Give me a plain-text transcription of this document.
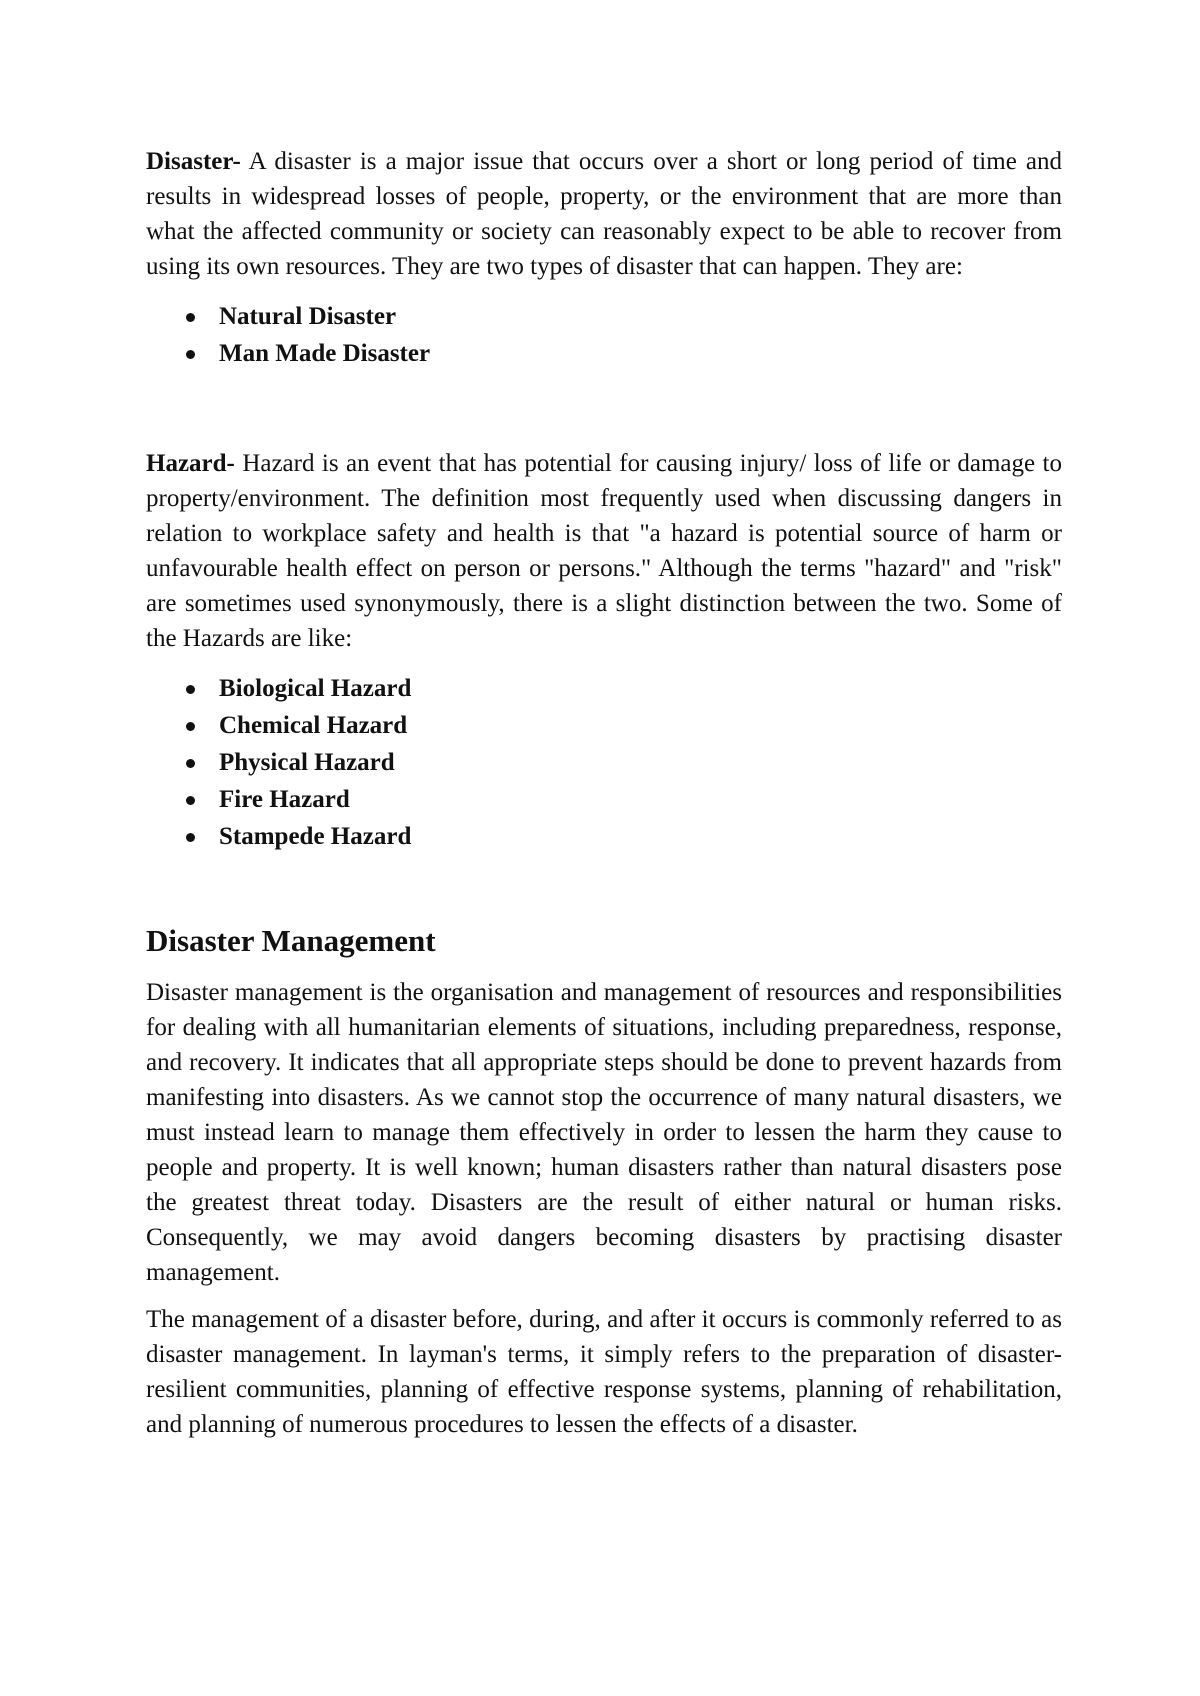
Disaster- A disaster is a major issue that occurs over a short or long period of time and results in widespread losses of people, property, or the environment that are more than what the affected community or society can reasonably expect to be able to recover from using its own resources. They are two types of disaster that can happen. They are:

Natural Disaster
Man Made Disaster

Hazard- Hazard is an event that has potential for causing injury/ loss of life or damage to property/environment. The definition most frequently used when discussing dangers in relation to workplace safety and health is that "a hazard is potential source of harm or unfavourable health effect on person or persons." Although the terms "hazard" and "risk" are sometimes used synonymously, there is a slight distinction between the two. Some of the Hazards are like:

Biological Hazard
Chemical Hazard
Physical Hazard
Fire Hazard
Stampede Hazard
Disaster Management

Disaster management is the organisation and management of resources and responsibilities for dealing with all humanitarian elements of situations, including preparedness, response, and recovery. It indicates that all appropriate steps should be done to prevent hazards from manifesting into disasters. As we cannot stop the occurrence of many natural disasters, we must instead learn to manage them effectively in order to lessen the harm they cause to people and property. It is well known; human disasters rather than natural disasters pose the greatest threat today. Disasters are the result of either natural or human risks. Consequently, we may avoid dangers becoming disasters by practising disaster management.

The management of a disaster before, during, and after it occurs is commonly referred to as disaster management. In layman's terms, it simply refers to the preparation of disaster-resilient communities, planning of effective response systems, planning of rehabilitation, and planning of numerous procedures to lessen the effects of a disaster.
